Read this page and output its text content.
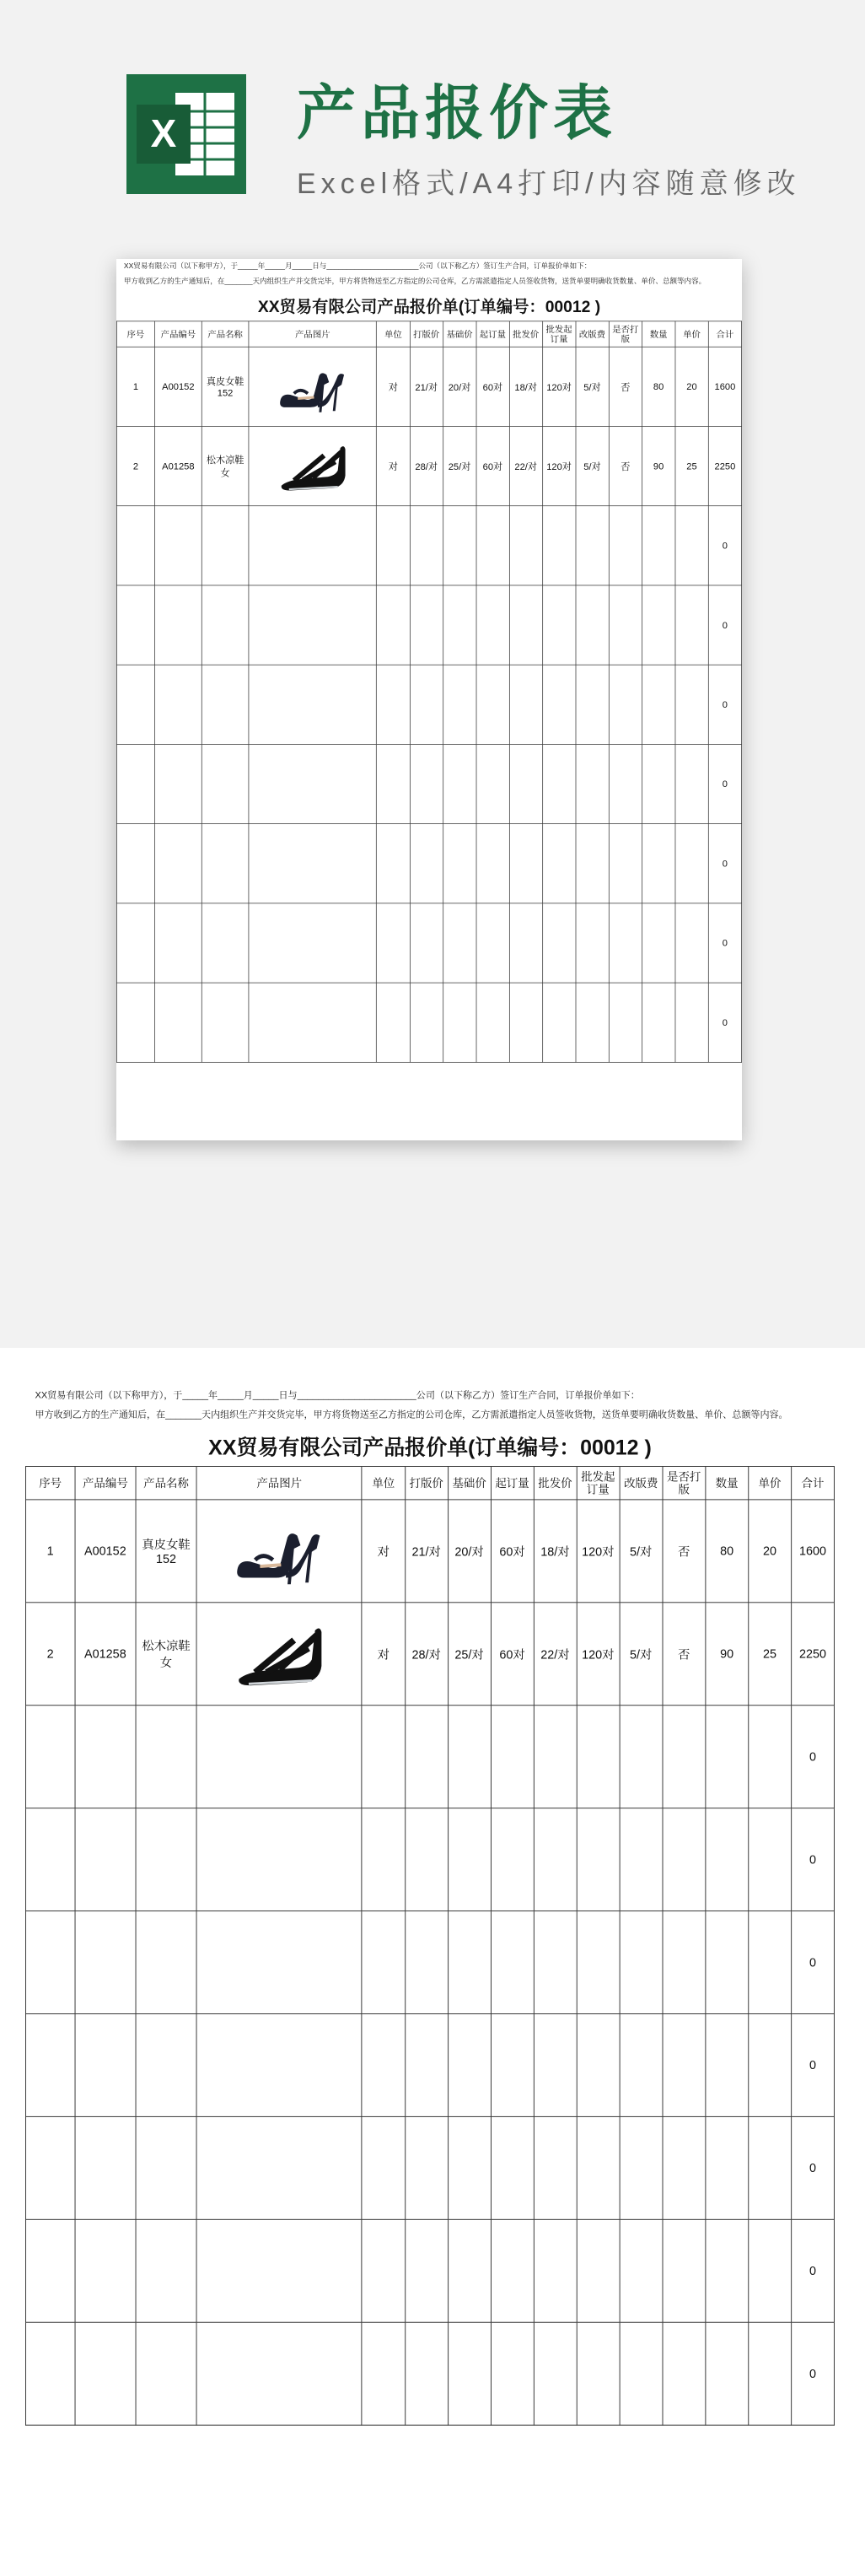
X 产品报价表
Excel格式/A4打印/内容随意修改
XX贸易有限公司（以下称甲方），于_____年_____月_____日与_______________________公司（以下称乙方）签订生产合同，订单报价单如下：
甲方收到乙方的生产通知后，在_______天内组织生产并交货完毕，甲方将货物送至乙方指定的公司仓库，乙方需派遣指定人员签收货物，送货单要明确收货数量、单价、总额等内容。
XX贸易有限公司产品报价单(订单编号：00012 )
序号	产品编号	产品名称	产品图片	单位	打版价	基础价	起订量	批发价	批发起订量	改版费	是否打版	数量	单价	合计
1	A00152	真皮女鞋152		对	21/对	20/对	60对	18/对	120对	5/对	否	80	20	1600
2	A01258	松木凉鞋女		对	28/对	25/对	60对	22/对	120对	5/对	否	90	25	2250
														0
														0
														0
														0
														0
														0
														0
XX贸易有限公司（以下称甲方），于_____年_____月_____日与_______________________公司（以下称乙方）签订生产合同，订单报价单如下：
甲方收到乙方的生产通知后，在_______天内组织生产并交货完毕，甲方将货物送至乙方指定的公司仓库，乙方需派遣指定人员签收货物，送货单要明确收货数量、单价、总额等内容。
XX贸易有限公司产品报价单(订单编号：00012 )
序号	产品编号	产品名称	产品图片	单位	打版价	基础价	起订量	批发价	批发起订量	改版费	是否打版	数量	单价	合计
1	A00152	真皮女鞋152		对	21/对	20/对	60对	18/对	120对	5/对	否	80	20	1600
2	A01258	松木凉鞋女		对	28/对	25/对	60对	22/对	120对	5/对	否	90	25	2250
														0
														0
														0
														0
														0
														0
														0
